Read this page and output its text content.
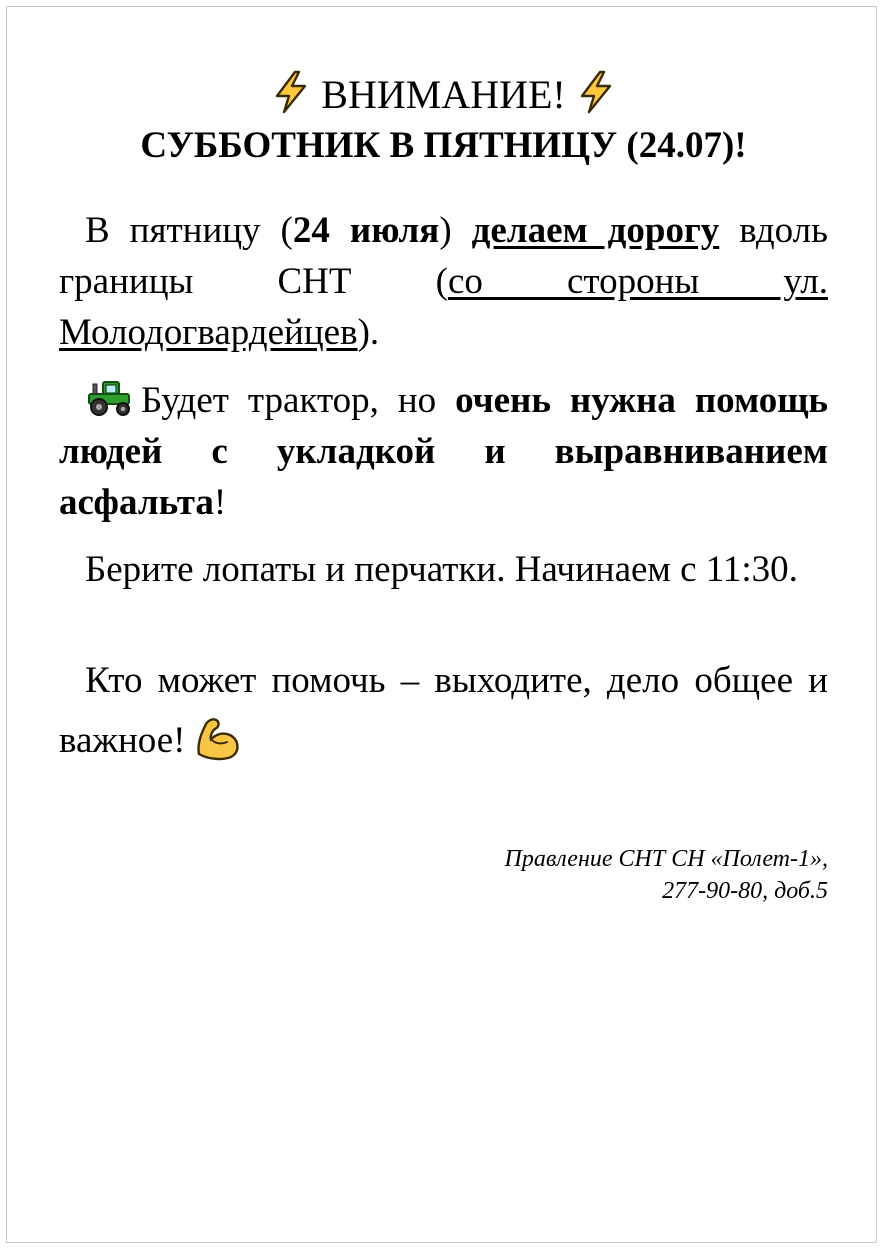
ВНИМАНИЕ!
СУББОТНИК В ПЯТНИЦУ (24.07)!

В пятницу (24 июля) делаем дорогу вдоль границы СНТ (со стороны ул. Молодогвардейцев).

Будет трактор, но очень нужна помощь людей с укладкой и выравниванием асфальта!

Берите лопаты и перчатки. Начинаем с 11:30.

Кто может помочь – выходите, дело общее и важное!

Правление СНТ СН «Полет-1»,
277-90-80, доб.5
